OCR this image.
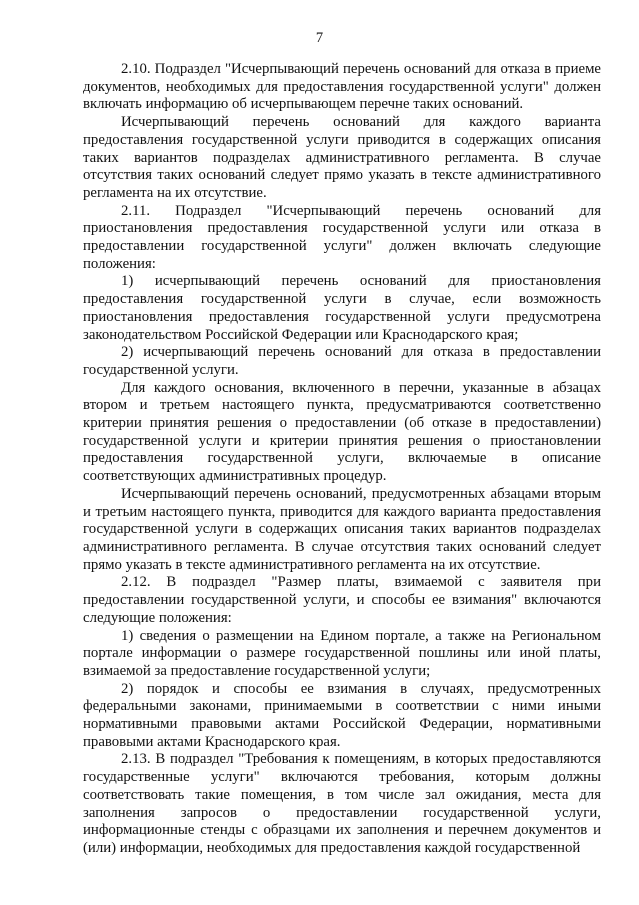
7

2.10. Подраздел "Исчерпывающий перечень оснований для отказа в приеме документов, необходимых для предоставления государственной услуги" должен включать информацию об исчерпывающем перечне таких оснований.

Исчерпывающий перечень оснований для каждого варианта предоставления государственной услуги приводится в содержащих описания таких вариантов подразделах административного регламента. В случае отсутствия таких оснований следует прямо указать в тексте административного регламента на их отсутствие.

2.11. Подраздел "Исчерпывающий перечень оснований для приостановления предоставления государственной услуги или отказа в предоставлении государственной услуги" должен включать следующие положения:

1) исчерпывающий перечень оснований для приостановления предоставления государственной услуги в случае, если возможность приостановления предоставления государственной услуги предусмотрена законодательством Российской Федерации или Краснодарского края;

2) исчерпывающий перечень оснований для отказа в предоставлении государственной услуги.

Для каждого основания, включенного в перечни, указанные в абзацах втором и третьем настоящего пункта, предусматриваются соответственно критерии принятия решения о предоставлении (об отказе в предоставлении) государственной услуги и критерии принятия решения о приостановлении предоставления государственной услуги, включаемые в описание соответствующих административных процедур.

Исчерпывающий перечень оснований, предусмотренных абзацами вторым и третьим настоящего пункта, приводится для каждого варианта предоставления государственной услуги в содержащих описания таких вариантов подразделах административного регламента. В случае отсутствия таких оснований следует прямо указать в тексте административного регламента на их отсутствие.

2.12. В подраздел "Размер платы, взимаемой с заявителя при предоставлении государственной услуги, и способы ее взимания" включаются следующие положения:

1) сведения о размещении на Едином портале, а также на Региональном портале информации о размере государственной пошлины или иной платы, взимаемой за предоставление государственной услуги;

2) порядок и способы ее взимания в случаях, предусмотренных федеральными законами, принимаемыми в соответствии с ними иными нормативными правовыми актами Российской Федерации, нормативными правовыми актами Краснодарского края.

2.13. В подраздел "Требования к помещениям, в которых предоставляются государственные услуги" включаются требования, которым должны соответствовать такие помещения, в том числе зал ожидания, места для заполнения запросов о предоставлении государственной услуги, информационные стенды с образцами их заполнения и перечнем документов и (или) информации, необходимых для предоставления каждой государственной
